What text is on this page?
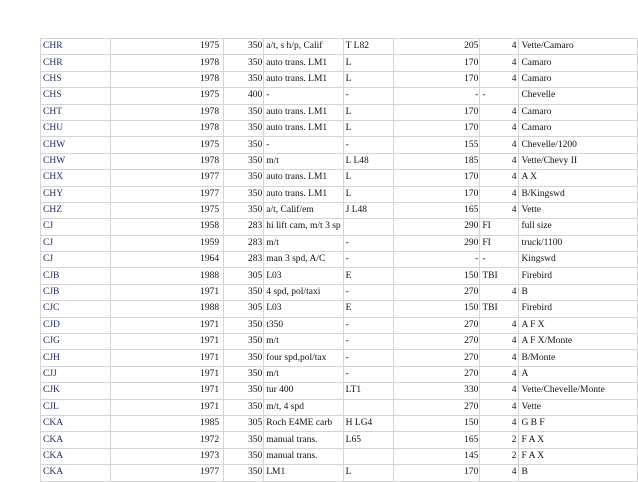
CHR	1975	350	a/t, s h/p, Calif	T L82	205	4	Vette/Camaro
CHR	1978	350	auto trans. LM1	L	170	4	Camaro
CHS	1978	350	auto trans. LM1	L	170	4	Camaro
CHS	1975	400	-	-	-	-	Chevelle
CHT	1978	350	auto trans. LM1	L	170	4	Camaro
CHU	1978	350	auto trans. LM1	L	170	4	Camaro
CHW	1975	350	-	-	155	4	Chevelle/1200
CHW	1978	350	m/t	L L48	185	4	Vette/Chevy II
CHX	1977	350	auto trans. LM1	L	170	4	A X
CHY	1977	350	auto trans. LM1	L	170	4	B/Kingswd
CHZ	1975	350	a/t, Calif/em	J L48	165	4	Vette
CJ	1958	283	hi lift cam, m/t 3 sp		290	FI	full size
CJ	1959	283	m/t	-	290	FI	truck/1100
CJ	1964	283	man 3 spd, A/C	-	-	-	Kingswd
CJB	1988	305	L03	E	150	TBI	Firebird
CJB	1971	350	4 spd, pol/taxi	-	270	4	B
CJC	1988	305	L03	E	150	TBI	Firebird
CJD	1971	350	t350	-	270	4	A F X
CJG	1971	350	m/t	-	270	4	A F X/Monte
CJH	1971	350	four spd,pol/tax	-	270	4	B/Monte
CJJ	1971	350	m/t	-	270	4	A
CJK	1971	350	tur 400	LT1	330	4	Vette/Chevelle/Monte
CJL	1971	350	m/t, 4 spd		270	4	Vette
CKA	1985	305	Roch E4ME carb	H LG4	150	4	G B F
CKA	1972	350	manual trans.	L65	165	2	F A X
CKA	1973	350	manual trans.		145	2	F A X
CKA	1977	350	LM1	L	170	4	B
